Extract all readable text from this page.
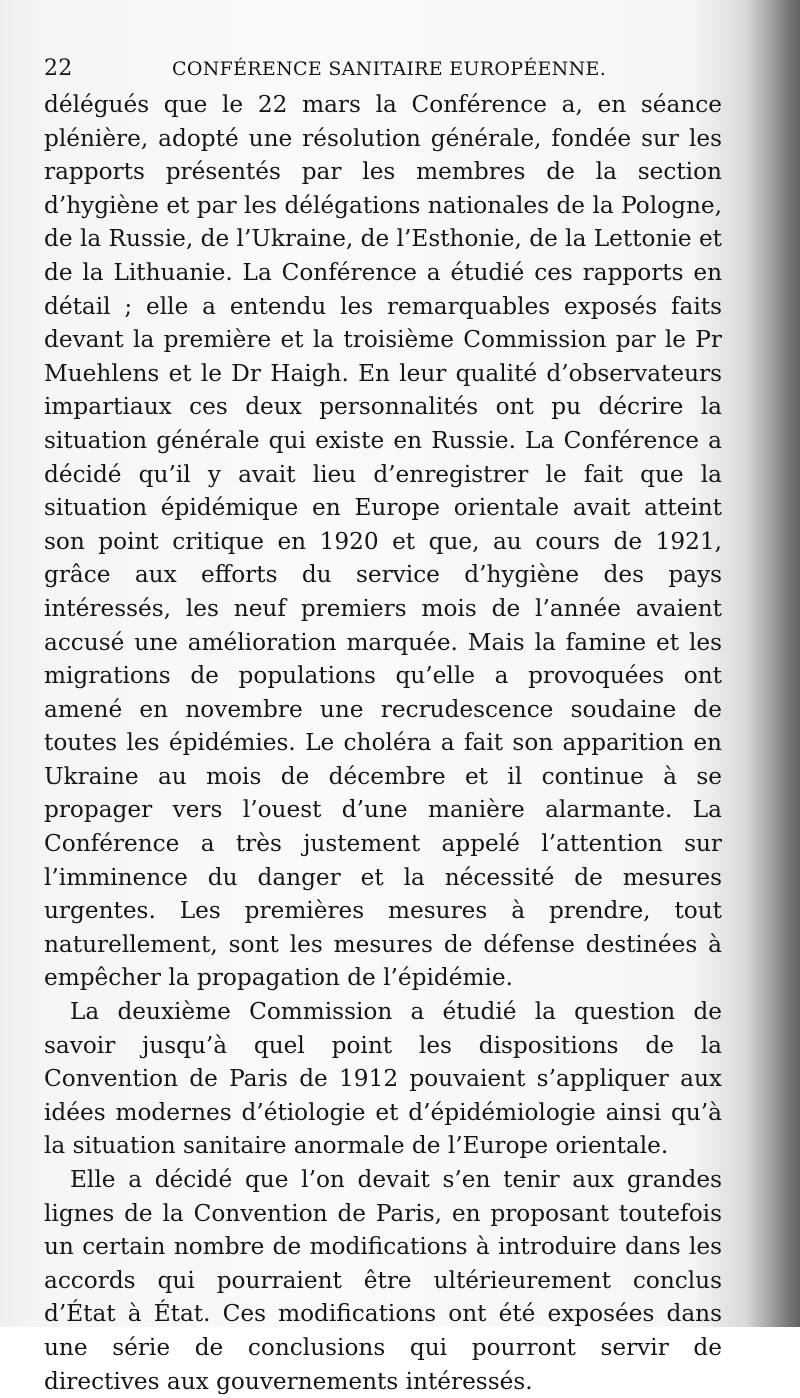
22	CONFÉRENCE SANITAIRE EUROPÉENNE.

délégués que le 22 mars la Conférence a, en séance plénière, adopté une résolution générale, fondée sur les rapports présentés par les membres de la section d’hygiène et par les délégations nationales de la Pologne, de la Russie, de l’Ukraine, de l’Esthonie, de la Lettonie et de la Lithuanie. La Conférence a étudié ces rapports en détail ; elle a entendu les remarquables exposés faits devant la première et la troisième Commission par le Pr Muehlens et le Dr Haigh. En leur qualité d’observateurs impartiaux ces deux personnalités ont pu décrire la situation générale qui existe en Russie. La Conférence a décidé qu’il y avait lieu d’enregistrer le fait que la situation épidémique en Europe orientale avait atteint son point critique en 1920 et que, au cours de 1921, grâce aux efforts du service d’hygiène des pays intéressés, les neuf premiers mois de l’année avaient accusé une amélioration marquée. Mais la famine et les migrations de populations qu’elle a provoquées ont amené en novembre une recrudescence soudaine de toutes les épidémies. Le choléra a fait son apparition en Ukraine au mois de décembre et il continue à se propager vers l’ouest d’une manière alarmante. La Conférence a très justement appelé l’attention sur l’imminence du danger et la nécessité de mesures urgentes. Les premières mesures à prendre, tout naturellement, sont les mesures de défense destinées à empêcher la propagation de l’épidémie.

La deuxième Commission a étudié la question de savoir jusqu’à quel point les dispositions de la Convention de Paris de 1912 pouvaient s’appliquer aux idées modernes d’étiologie et d’épidémiologie ainsi qu’à la situation sanitaire anormale de l’Europe orientale.

Elle a décidé que l’on devait s’en tenir aux grandes lignes de la Convention de Paris, en proposant toutefois un certain nombre de modifications à introduire dans les accords qui pourraient être ultérieurement conclus d’État à État. Ces modifications ont été exposées dans une série de conclusions qui pourront servir de directives aux gouvernements intéressés.
